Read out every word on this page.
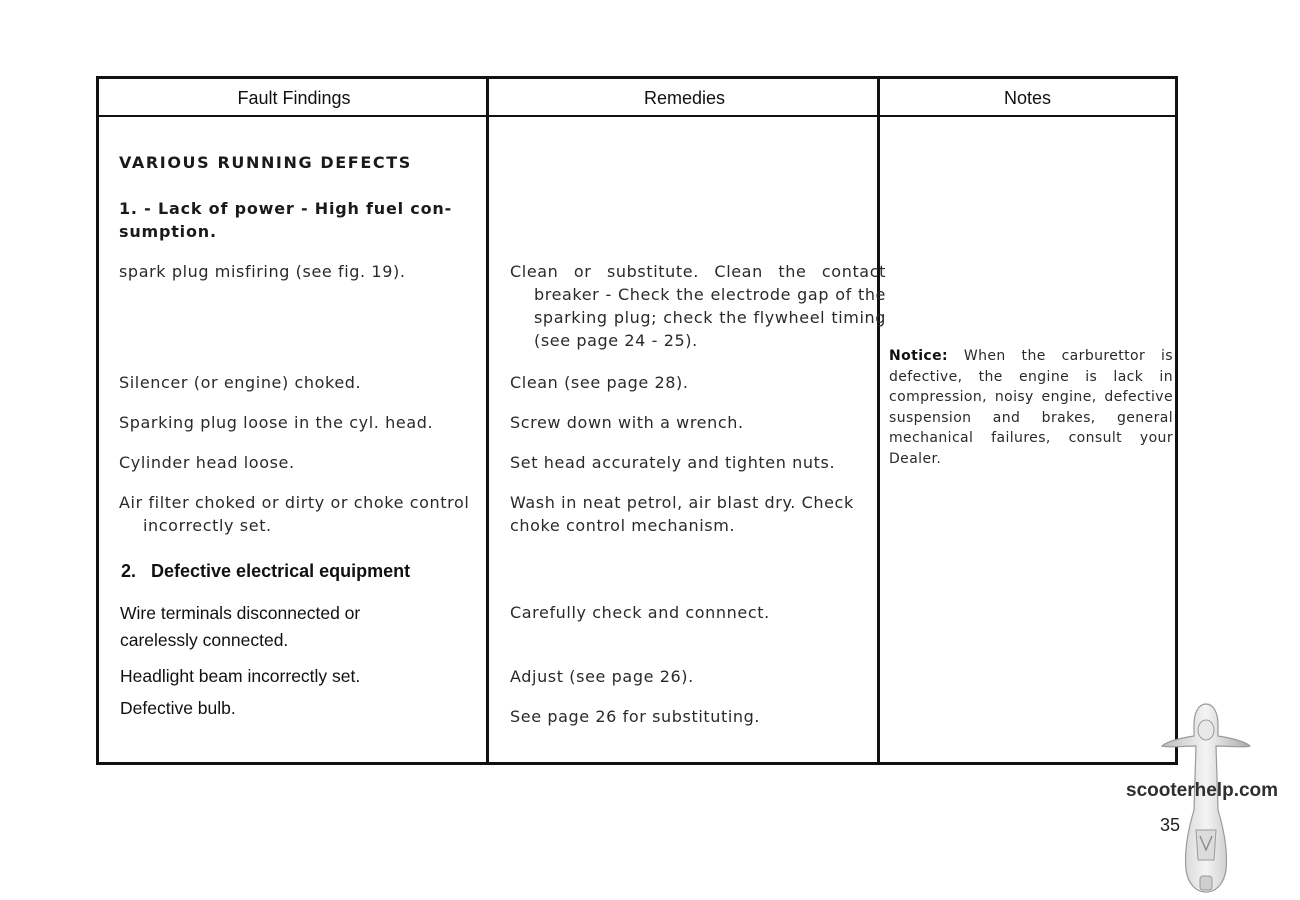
Fault Findings	Remedies	Notes
VARIOUS RUNNING DEFECTS
1. - Lack of power - High fuel con-
sumption.
spark plug misfiring (see fig. 19).
Silencer (or engine) choked.
Sparking plug loose in the cyl. head.
Cylinder head loose.
Air filter choked or dirty or choke control incorrectly set.
2.   Defective electrical equipment
Wire terminals disconnected or carelessly connected.
Headlight beam incorrectly set.
Defective bulb.
Clean or substitute. Clean the contact breaker - Check the electrode gap of the sparking plug; check the flywheel timing (see page 24 - 25).
Clean (see page 28).
Screw down with a wrench.
Set head accurately and tighten nuts.
Wash in neat petrol, air blast dry. Check choke control mechanism.
Carefully check and connnect.
Adjust (see page 26).
See page 26 for substituting.
Notice: When the carburettor is defective, the engine is lack in compression, noisy engine, defective suspension and brakes, general mechanical failures, consult your Dealer.
scooterhelp.com
35
